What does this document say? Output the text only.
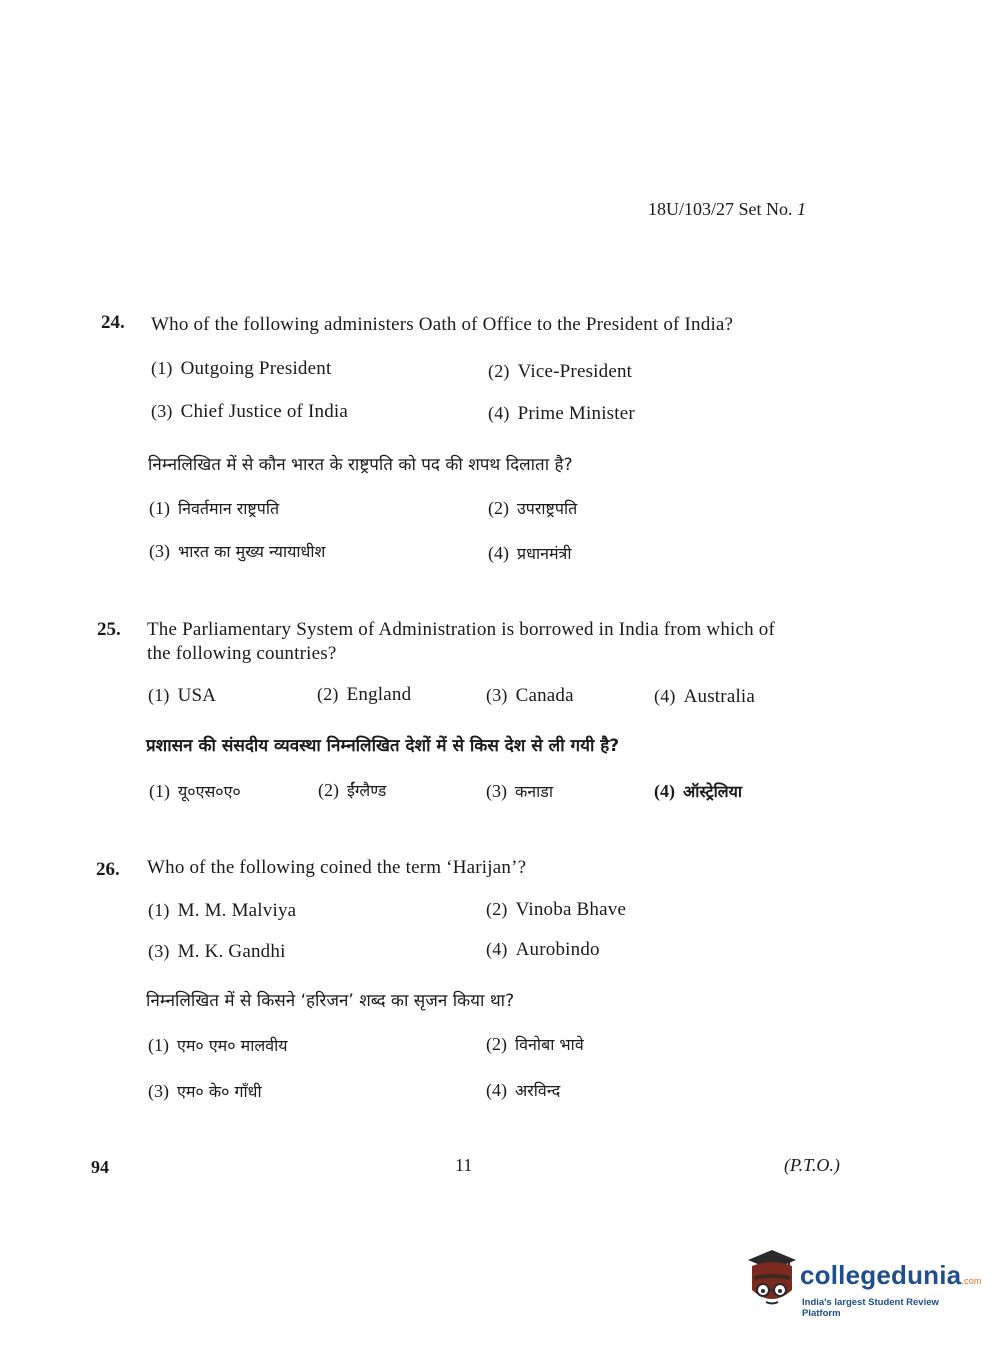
18U/103/27 Set No. 1
24. Who of the following administers Oath of Office to the President of India?
(1) Outgoing President	(2) Vice-President
(3) Chief Justice of India	(4) Prime Minister
निम्नलिखित में से कौन भारत के राष्ट्रपति को पद की शपथ दिलाता है?
(1) निवर्तमान राष्ट्रपति	(2) उपराष्ट्रपति
(3) भारत का मुख्य न्यायाधीश	(4) प्रधानमंत्री
25. The Parliamentary System of Administration is borrowed in India from which of
the following countries?
(1) USA	(2) England	(3) Canada	(4) Australia
प्रशासन की संसदीय व्यवस्था निम्नलिखित देशों में से किस देश से ली गयी है?
(1) यू०एस०ए०	(2) ईंग्लैण्ड	(3) कनाडा	(4) ऑस्ट्रेलिया
26. Who of the following coined the term ‘Harijan’?
(1) M. M. Malviya	(2) Vinoba Bhave
(3) M. K. Gandhi	(4) Aurobindo
निम्नलिखित में से किसने ‘हरिजन’ शब्द का सृजन किया था?
(1) एम० एम० मालवीय	(2) विनोबा भावे
(3) एम० के० गाँधी	(4) अरविन्द
94	11	(P.T.O.)
collegedunia.com
India's largest Student Review Platform
